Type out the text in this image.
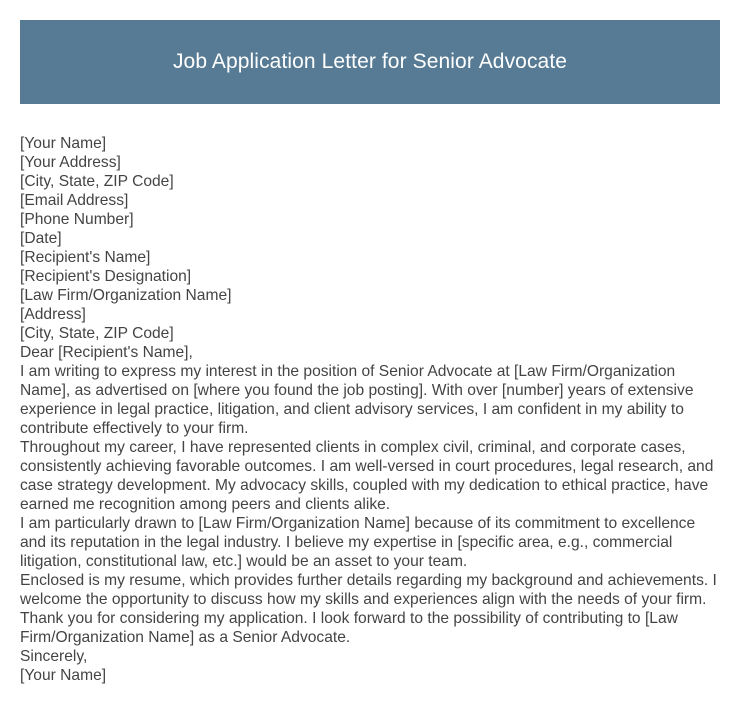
Job Application Letter for Senior Advocate

[Your Name]

[Your Address]

[City, State, ZIP Code]

[Email Address]

[Phone Number]

[Date]

[Recipient's Name]

[Recipient's Designation]

[Law Firm/Organization Name]

[Address]

[City, State, ZIP Code]

Dear [Recipient's Name],

I am writing to express my interest in the position of Senior Advocate at [Law Firm/Organization Name], as advertised on [where you found the job posting]. With over [number] years of extensive experience in legal practice, litigation, and client advisory services, I am confident in my ability to contribute effectively to your firm.

Throughout my career, I have represented clients in complex civil, criminal, and corporate cases, consistently achieving favorable outcomes. I am well-versed in court procedures, legal research, and case strategy development. My advocacy skills, coupled with my dedication to ethical practice, have earned me recognition among peers and clients alike.

I am particularly drawn to [Law Firm/Organization Name] because of its commitment to excellence and its reputation in the legal industry. I believe my expertise in [specific area, e.g., commercial litigation, constitutional law, etc.] would be an asset to your team.

Enclosed is my resume, which provides further details regarding my background and achievements. I welcome the opportunity to discuss how my skills and experiences align with the needs of your firm.

Thank you for considering my application. I look forward to the possibility of contributing to [Law Firm/Organization Name] as a Senior Advocate.

Sincerely,

[Your Name]
